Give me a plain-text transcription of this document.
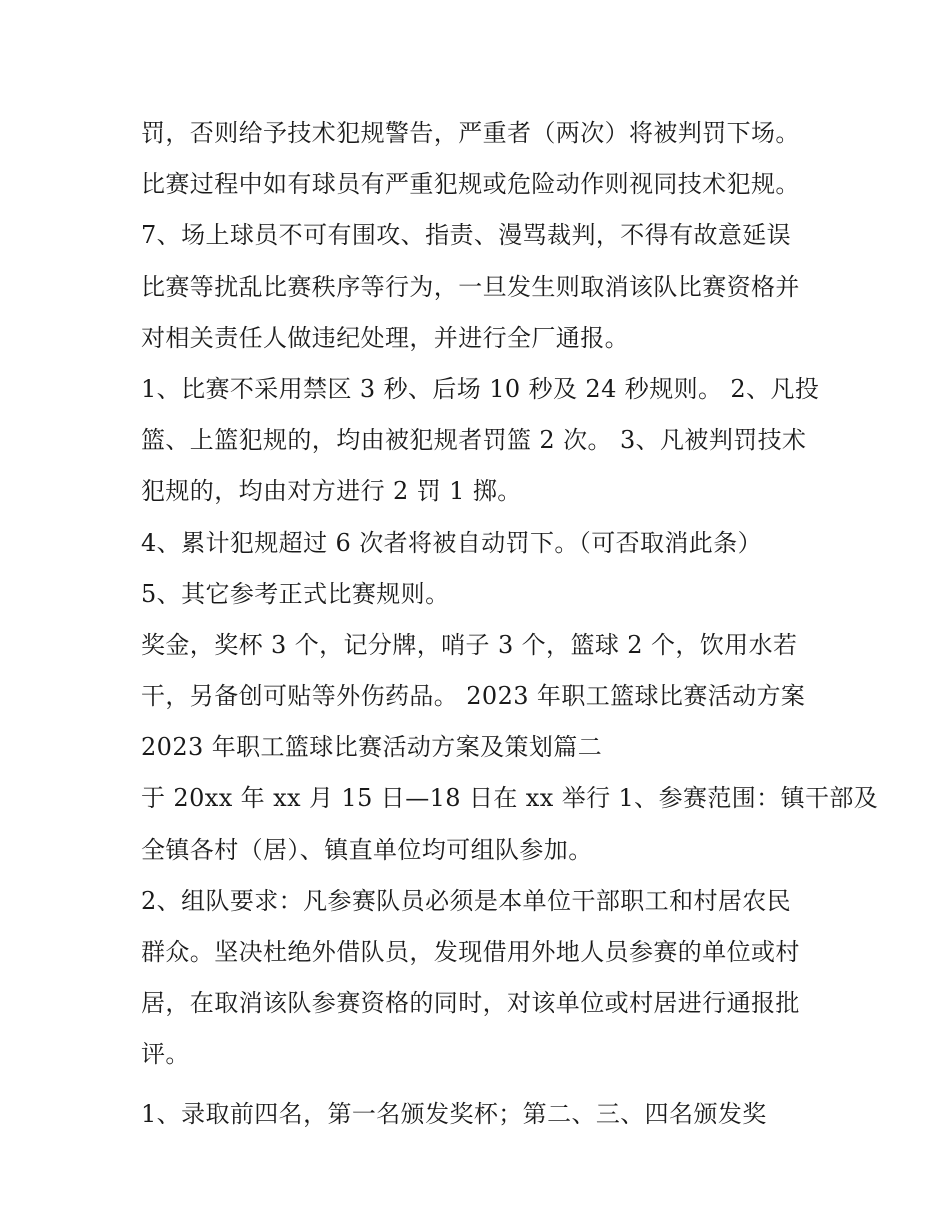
罚，否则给予技术犯规警告，严重者（两次）将被判罚下场。
比赛过程中如有球员有严重犯规或危险动作则视同技术犯规。
7、场上球员不可有围攻、指责、漫骂裁判，不得有故意延误
比赛等扰乱比赛秩序等行为，一旦发生则取消该队比赛资格并
对相关责任人做违纪处理，并进行全厂通报。
1、比赛不采用禁区 3 秒、后场 10 秒及 24 秒规则。 2、凡投
篮、上篮犯规的，均由被犯规者罚篮 2 次。 3、凡被判罚技术
犯规的，均由对方进行 2 罚 1 掷。
4、累计犯规超过 6 次者将被自动罚下。（可否取消此条）
5、其它参考正式比赛规则。
奖金，奖杯 3 个，记分牌，哨子 3 个，篮球 2 个，饮用水若
干，另备创可贴等外伤药品。 2023 年职工篮球比赛活动方案
2023 年职工篮球比赛活动方案及策划篇二
于 20xx 年 xx 月 15 日—18 日在 xx 举行 1、参赛范围：镇干部及
全镇各村（居）、镇直单位均可组队参加。
2、组队要求：凡参赛队员必须是本单位干部职工和村居农民
群众。坚决杜绝外借队员，发现借用外地人员参赛的单位或村
居，在取消该队参赛资格的同时，对该单位或村居进行通报批
评。
1、录取前四名，第一名颁发奖杯；第二、三、四名颁发奖
